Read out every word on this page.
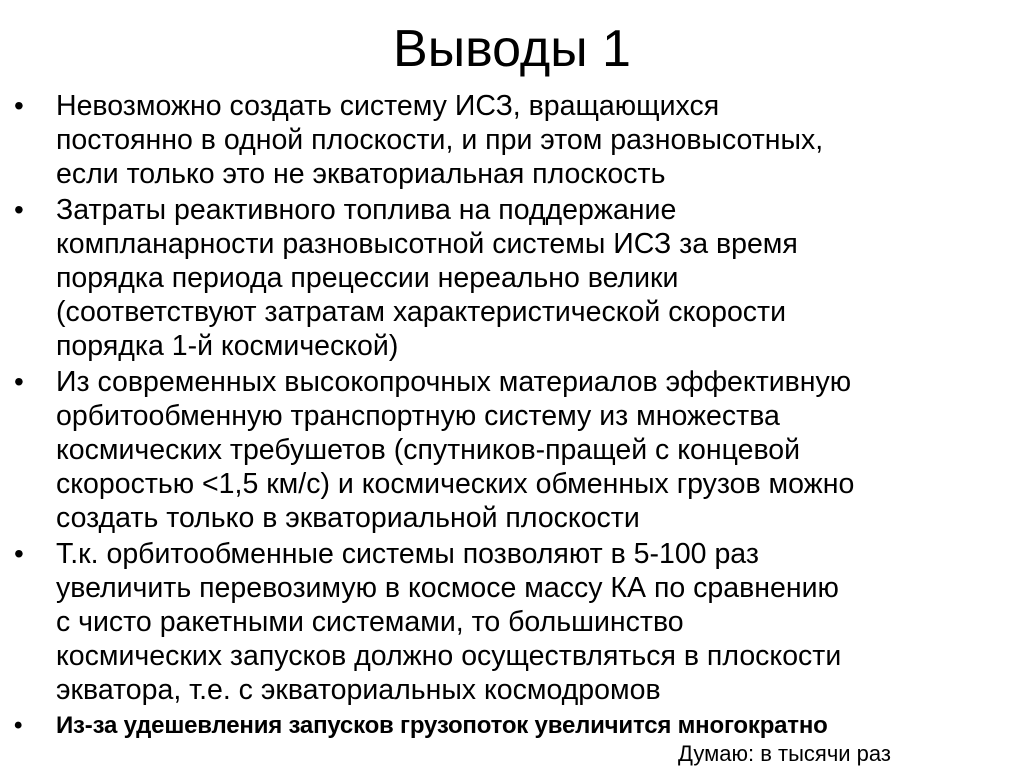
Выводы 1
•	Невозможно создать систему ИСЗ, вращающихся
постоянно в одной плоскости, и при этом разновысотных,
если только это не экваториальная плоскость
•	Затраты реактивного топлива на поддержание
компланарности разновысотной системы ИСЗ за время
порядка периода прецессии нереально велики
(соответствуют затратам характеристической скорости
порядка 1-й космической)
•	Из современных высокопрочных материалов эффективную
орбитообменную транспортную систему из множества
космических требушетов (спутников-пращей с концевой
скоростью <1,5 км/с) и космических обменных грузов можно
создать только в экваториальной плоскости
•	Т.к. орбитообменные системы позволяют в 5-100 раз
увеличить перевозимую в космосе массу КА по сравнению
с чисто ракетными системами, то большинство
космических запусков должно осуществляться в плоскости
экватора, т.е. с экваториальных космодромов
•	Из-за удешевления запусков грузопоток увеличится многократно
Думаю: в тысячи раз
